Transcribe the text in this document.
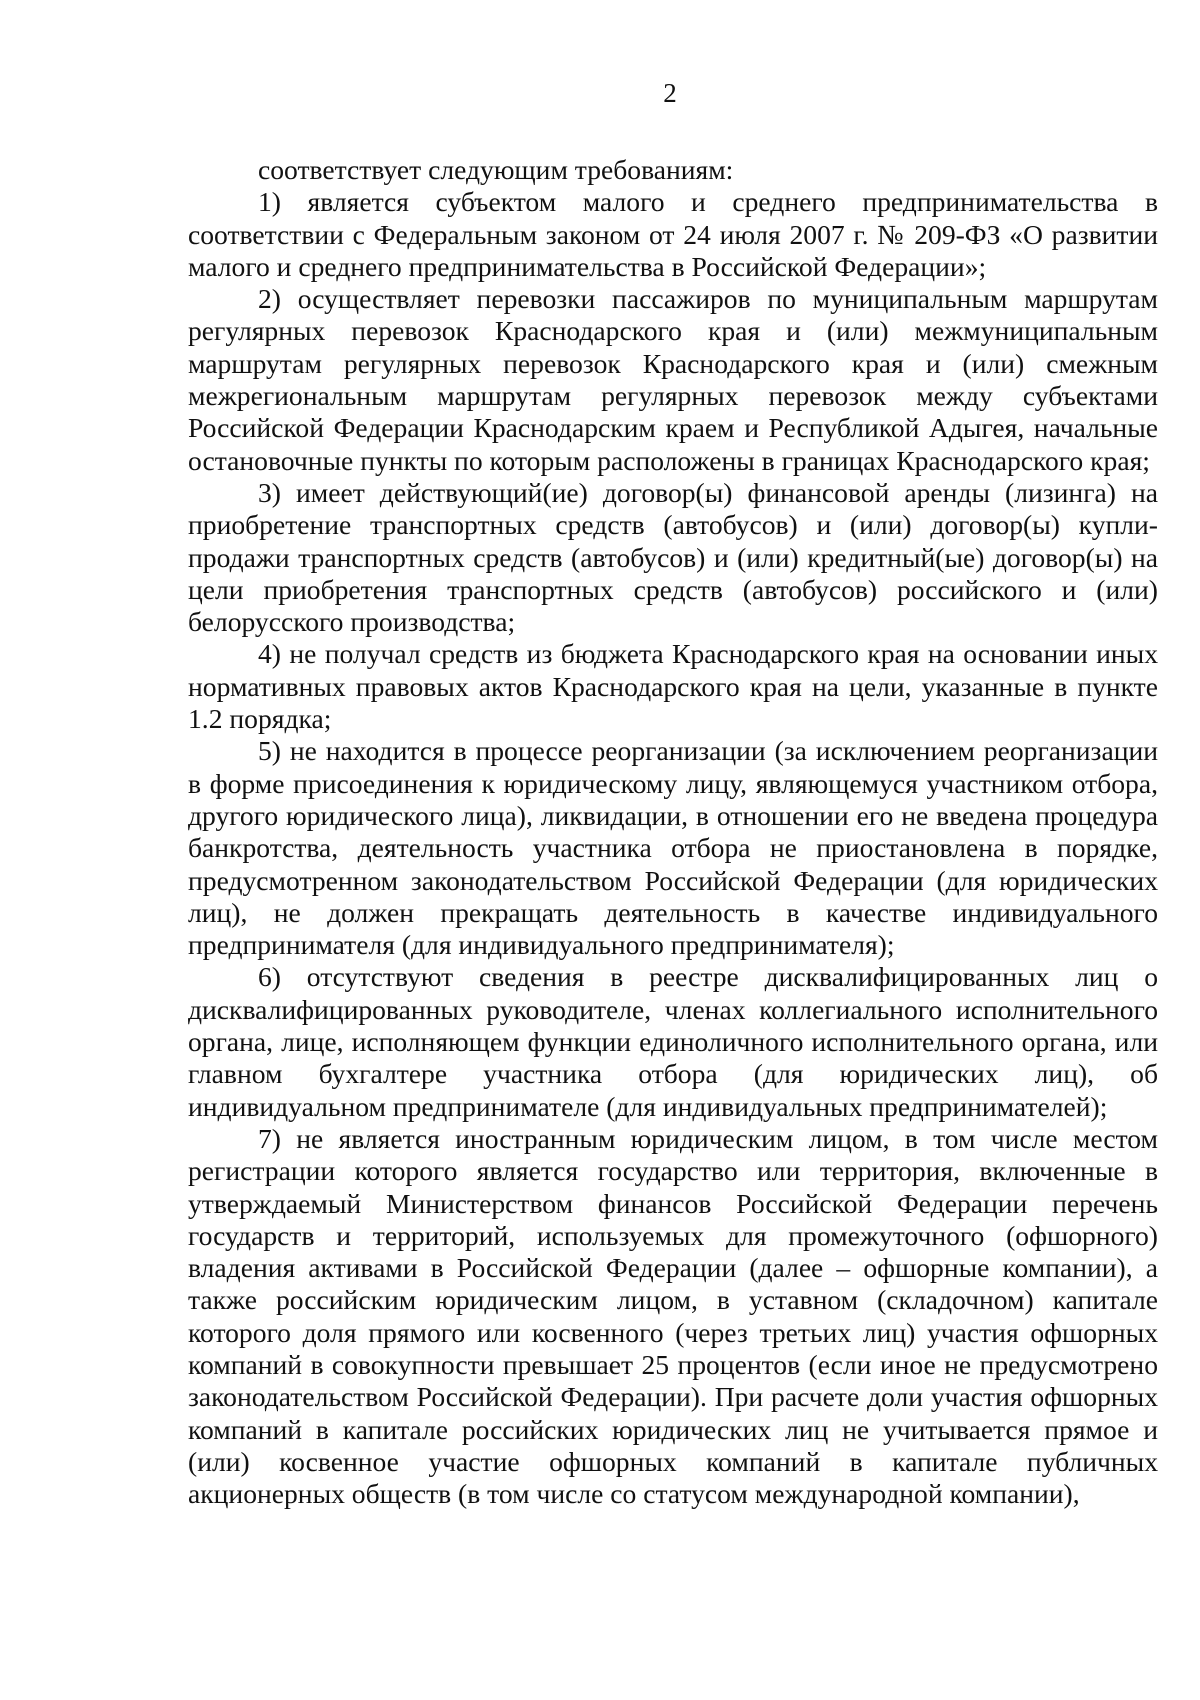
2

соответствует следующим требованиям:

1) является субъектом малого и среднего предпринимательства в соответствии с Федеральным законом от 24 июля 2007 г. № 209-ФЗ «О развитии малого и среднего предпринимательства в Российской Федерации»;

2) осуществляет перевозки пассажиров по муниципальным маршрутам регулярных перевозок Краснодарского края и (или) межмуниципальным маршрутам регулярных перевозок Краснодарского края и (или) смежным межрегиональным маршрутам регулярных перевозок между субъектами Российской Федерации Краснодарским краем и Республикой Адыгея, начальные остановочные пункты по которым расположены в границах Краснодарского края;

3) имеет действующий(ие) договор(ы) финансовой аренды (лизинга) на приобретение транспортных средств (автобусов) и (или) договор(ы) купли-продажи транспортных средств (автобусов) и (или) кредитный(ые) договор(ы) на цели приобретения транспортных средств (автобусов) российского и (или) белорусского производства;

4) не получал средств из бюджета Краснодарского края на основании иных нормативных правовых актов Краснодарского края на цели, указанные в пункте 1.2 порядка;

5) не находится в процессе реорганизации (за исключением реорганизации в форме присоединения к юридическому лицу, являющемуся участником отбора, другого юридического лица), ликвидации, в отношении его не введена процедура банкротства, деятельность участника отбора не приостановлена в порядке, предусмотренном законодательством Российской Федерации (для юридических лиц), не должен прекращать деятельность в качестве индивидуального предпринимателя (для индивидуального предпринимателя);

6) отсутствуют сведения в реестре дисквалифицированных лиц о дисквалифицированных руководителе, членах коллегиального исполнительного органа, лице, исполняющем функции единоличного исполнительного органа, или главном бухгалтере участника отбора (для юридических лиц), об индивидуальном предпринимателе (для индивидуальных предпринимателей);

7) не является иностранным юридическим лицом, в том числе местом регистрации которого является государство или территория, включенные в утверждаемый Министерством финансов Российской Федерации перечень государств и территорий, используемых для промежуточного (офшорного) владения активами в Российской Федерации (далее – офшорные компании), а также российским юридическим лицом, в уставном (складочном) капитале которого доля прямого или косвенного (через третьих лиц) участия офшорных компаний в совокупности превышает 25 процентов (если иное не предусмотрено законодательством Российской Федерации). При расчете доли участия офшорных компаний в капитале российских юридических лиц не учитывается прямое и (или) косвенное участие офшорных компаний в капитале публичных акционерных обществ (в том числе со статусом международной компании),
